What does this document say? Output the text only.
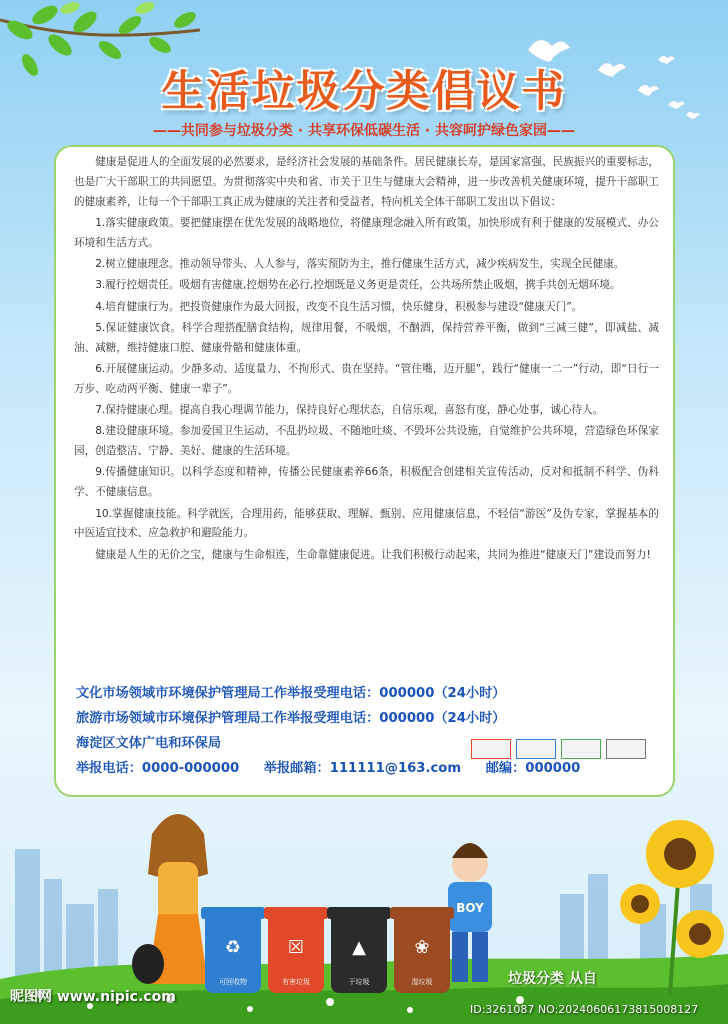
生活垃圾分类倡议书
——共同参与垃圾分类 · 共享环保低碳生活 · 共容呵护绿色家园——

健康是促进人的全面发展的必然要求，是经济社会发展的基础条件。居民健康长寿，是国家富强、民族振兴的重要标志，也是广大干部职工的共同愿望。为贯彻落实中央和省、市关于卫生与健康大会精神，进一步改善机关健康环境，提升干部职工的健康素养，让每一个干部职工真正成为健康的关注者和受益者，特向机关全体干部职工发出以下倡议：

1.落实健康政策。要把健康摆在优先发展的战略地位，将健康理念融入所有政策，加快形成有利于健康的发展模式、办公环境和生活方式。

2.树立健康理念。推动领导带头、人人参与，落实预防为主，推行健康生活方式，减少疾病发生，实现全民健康。

3.履行控烟责任。吸烟有害健康,控烟势在必行,控烟既是义务更是责任，公共场所禁止吸烟，携手共创无烟环境。

4.培育健康行为。把投资健康作为最大回报，改变不良生活习惯，快乐健身，积极参与建设“健康天门”。

5.保证健康饮食。科学合理搭配膳食结构，规律用餐，不吸烟，不酗酒，保持营养平衡，做到“三减三健”，即减盐、减油、减糖，维持健康口腔、健康骨骼和健康体重。

6.开展健康运动。少静多动、适度量力、不拘形式、贵在坚持。“管住嘴，迈开腿”，践行“健康一二一”行动，即“日行一万步、吃动两平衡、健康一辈子”。

7.保持健康心理。提高自我心理调节能力，保持良好心理状态，自信乐观，喜怒有度，静心处事，诚心待人。

8.建设健康环境。参加爱国卫生运动，不乱扔垃圾、不随地吐痰、不毁坏公共设施，自觉维护公共环境，营造绿色环保家园，创造整洁、宁静、美好、健康的生活环境。

9.传播健康知识。以科学态度和精神，传播公民健康素养66条，积极配合创建相关宣传活动，反对和抵制不科学、伪科学、不健康信息。

10.掌握健康技能。科学就医，合理用药，能够获取、理解、甄别、应用健康信息，不轻信“游医”及伪专家，掌握基本的中医适宜技术、应急救护和避险能力。

健康是人生的无价之宝，健康与生命相连，生命靠健康促进。让我们积极行动起来，共同为推进“健康天门”建设而努力!

文化市场领域市环境保护管理局工作举报受理电话：000000（24小时）
旅游市场领域市环境保护管理局工作举报受理电话：000000（24小时）
海淀区文体广电和环保局
举报电话：0000-000000 举报邮箱：111111@163.com 邮编：000000
BOY
♻
可回收物
☒
有害垃圾
▲
干垃圾
❀
湿垃圾	垃圾分类 从自
昵图网 www.nipic.com
ID:3261087 NO:20240606173815008127
